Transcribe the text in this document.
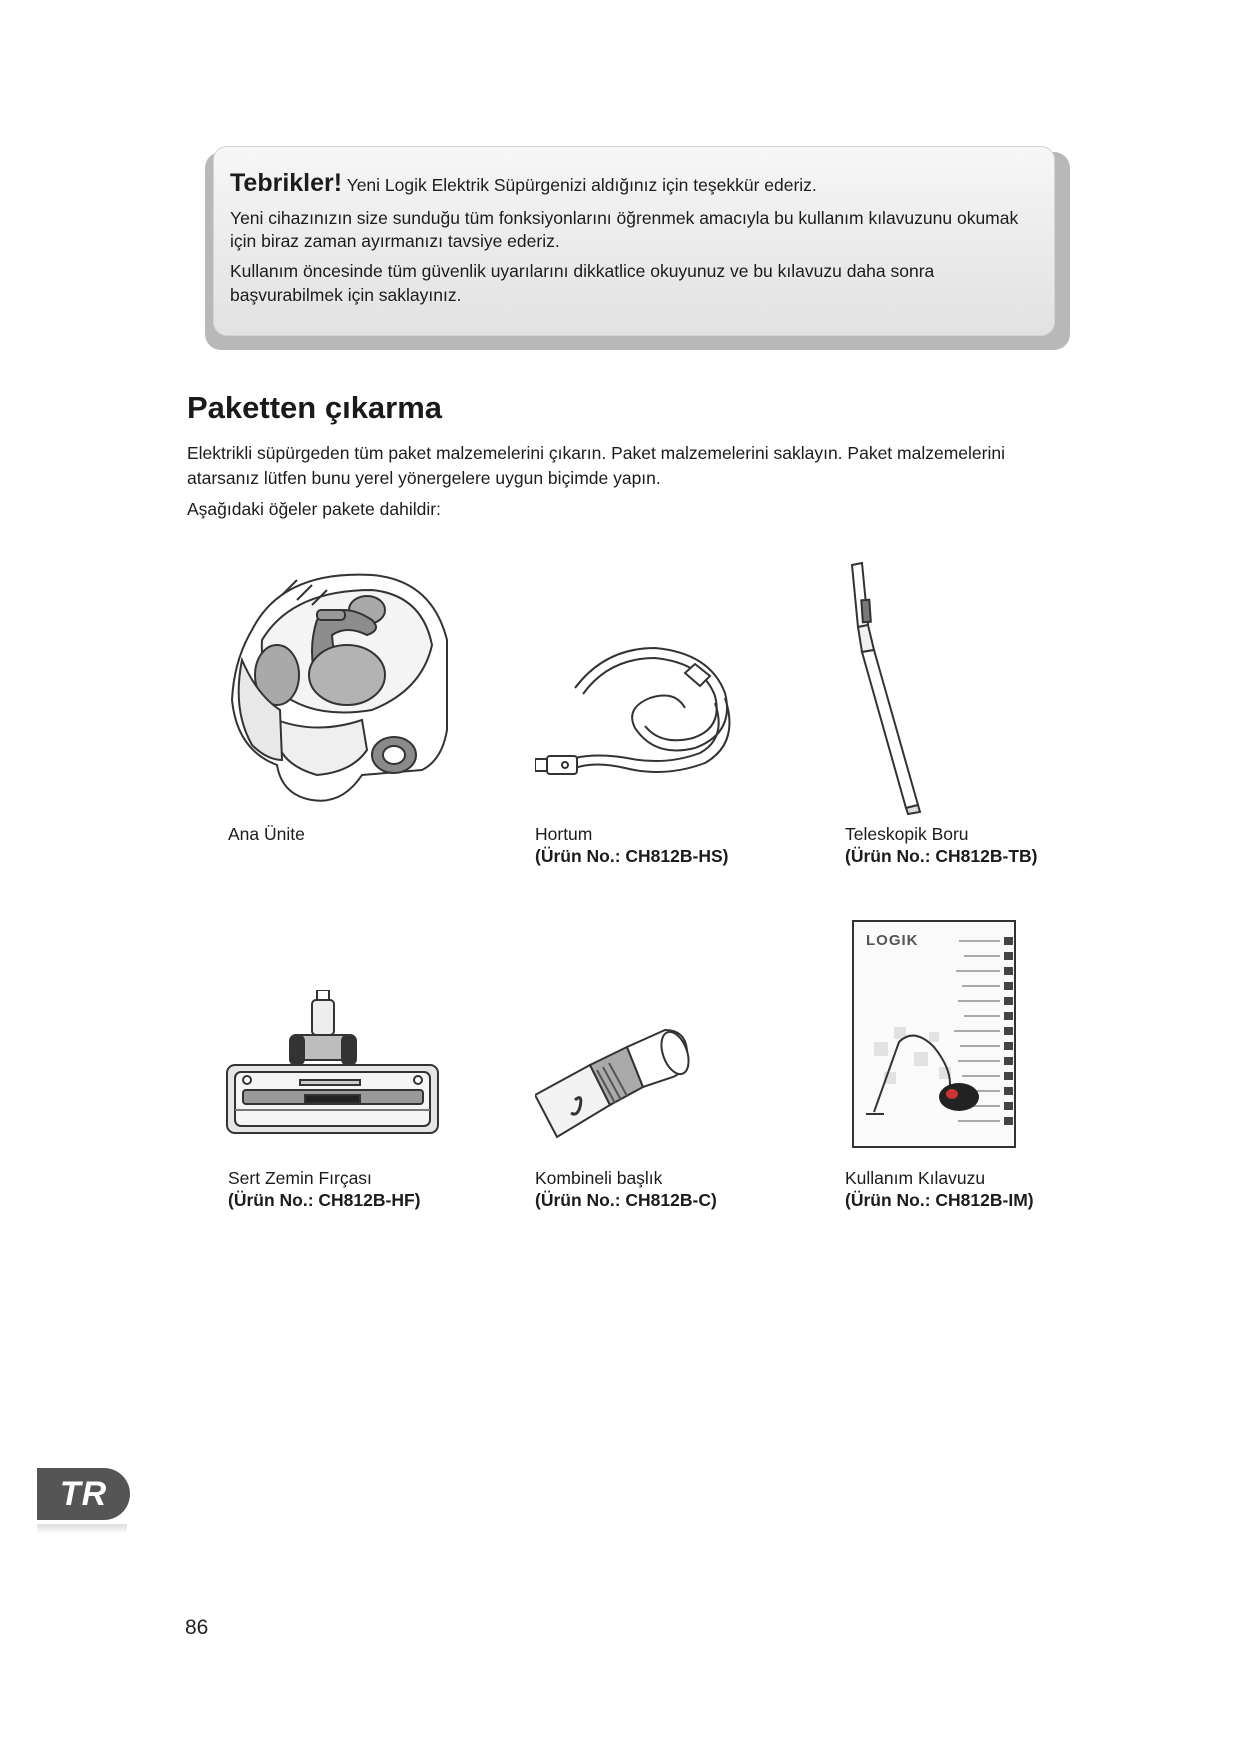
Tebrikler! Yeni Logik Elektrik Süpürgenizi aldığınız için teşekkür ederiz.

Yeni cihazınızın size sunduğu tüm fonksiyonlarını öğrenmek amacıyla bu kullanım kılavuzunu okumak için biraz zaman ayırmanızı tavsiye ederiz.

Kullanım öncesinde tüm güvenlik uyarılarını dikkatlice okuyunuz ve bu kılavuzu daha sonra başvurabilmek için saklayınız.

Paketten çıkarma

Elektrikli süpürgeden tüm paket malzemelerini çıkarın. Paket malzemelerini saklayın. Paket malzemelerini atarsanız lütfen bunu yerel yönergelere uygun biçimde yapın.

Aşağıdaki öğeler pakete dahildir:

Ana Ünite	Hortum
(Ürün No.: CH812B-HS)
Teleskopik Boru
(Ürün No.: CH812B-TB)
LOGIK
Sert Zemin Fırçası
(Ürün No.: CH812B-HF)
Kombineli başlık
(Ürün No.: CH812B-C)
Kullanım Kılavuzu
(Ürün No.: CH812B-IM)
TR
86
